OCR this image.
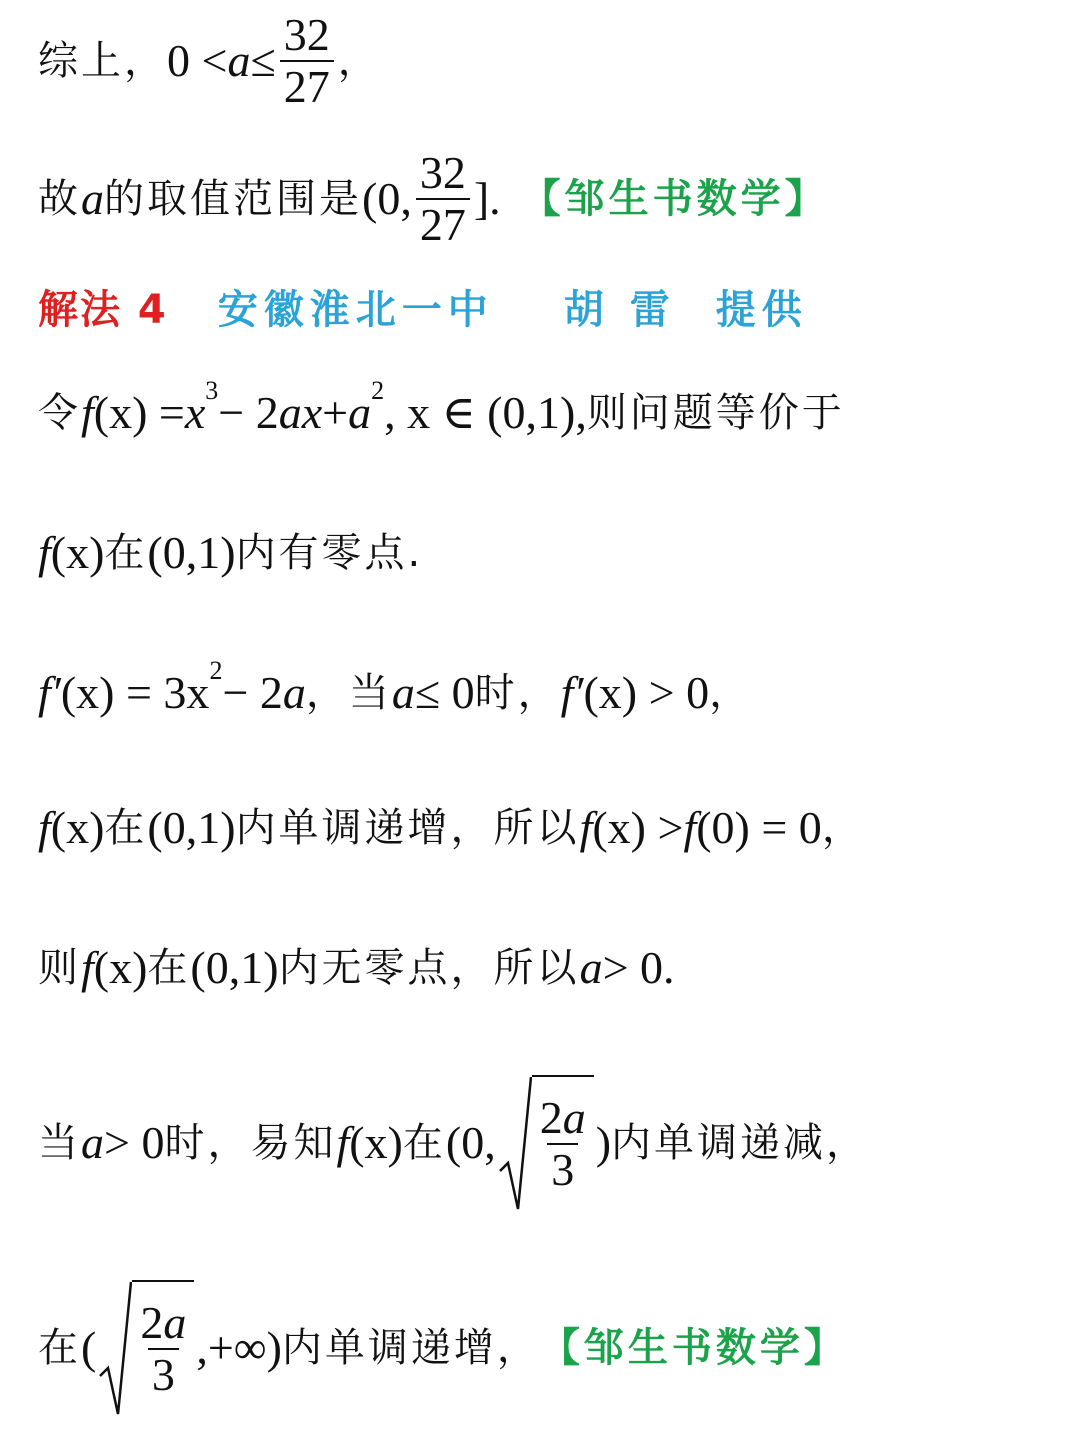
综上， $0 < a \le \frac{32}{27}$ ，
故 a 的取值范围是 (0, $\frac{32}{27}$ ]. 【邹生书数学】
解法 4 安徽淮北一中 胡 雷 提供
令 f (x) = x 3 − 2 a x + a 2 , x ∈ (0,1), 则问题等价于
f (x) 在 (0,1) 内有零点.
f′ (x) = 3x 2 − 2 a ，当 a ≤ 0 时， f′ (x) > 0 ，
f (x) 在 (0,1) 内单调递增，所以 f (x) > f (0) = 0 ，
则 f (x) 在 (0,1) 内无零点，所以 a > 0 .
当 a > 0 时，易知 f (x) 在 (0, $\frac{2a}{3}$ ) 内单调递减，
在 ( $\frac{2a}{3}$ ,+∞) 内单调递增， 【邹生书数学】
